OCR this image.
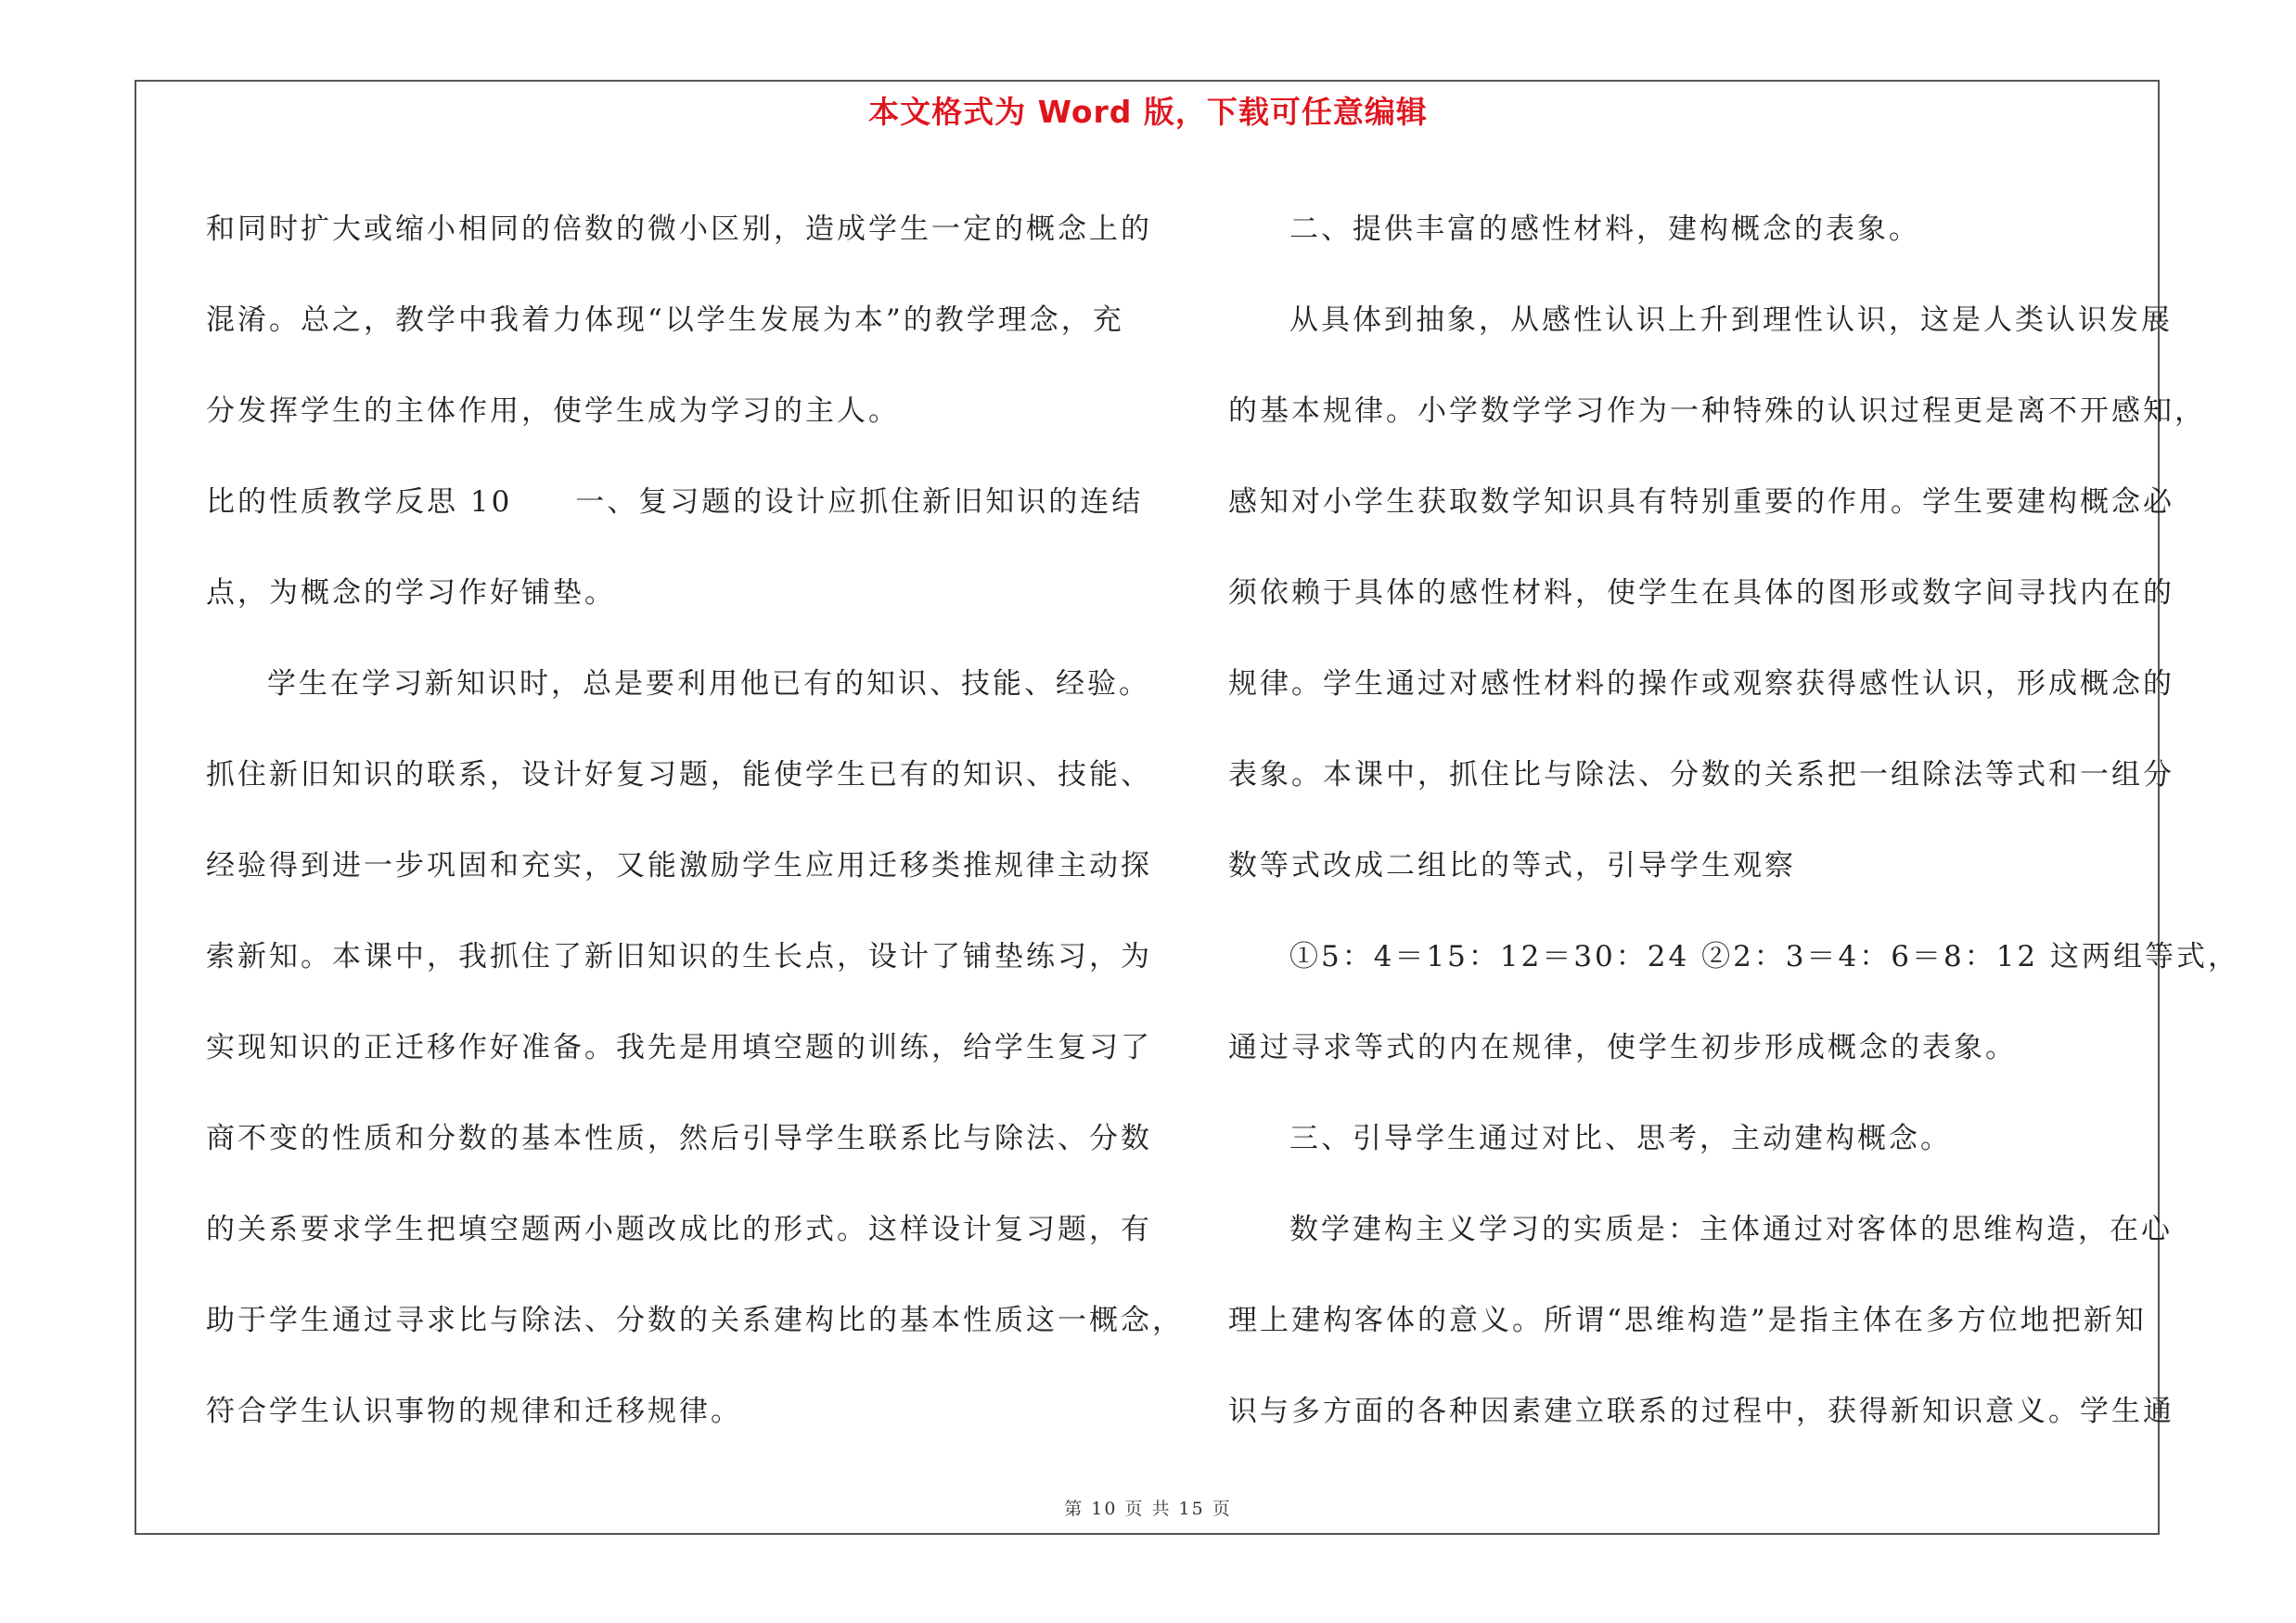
本文格式为 Word 版，下载可任意编辑
和同时扩大或缩小相同的倍数的微小区别，造成学生一定的概念上的
混淆。总之，教学中我着力体现“以学生发展为本”的教学理念，充
分发挥学生的主体作用，使学生成为学习的主人。
比的性质教学反思 10　　一、复习题的设计应抓住新旧知识的连结
点，为概念的学习作好铺垫。
学生在学习新知识时，总是要利用他已有的知识、技能、经验。
抓住新旧知识的联系，设计好复习题，能使学生已有的知识、技能、
经验得到进一步巩固和充实，又能激励学生应用迁移类推规律主动探
索新知。本课中，我抓住了新旧知识的生长点，设计了铺垫练习，为
实现知识的正迁移作好准备。我先是用填空题的训练，给学生复习了
商不变的性质和分数的基本性质，然后引导学生联系比与除法、分数
的关系要求学生把填空题两小题改成比的形式。这样设计复习题，有
助于学生通过寻求比与除法、分数的关系建构比的基本性质这一概念，
符合学生认识事物的规律和迁移规律。
二、提供丰富的感性材料，建构概念的表象。
从具体到抽象，从感性认识上升到理性认识，这是人类认识发展
的基本规律。小学数学学习作为一种特殊的认识过程更是离不开感知，
感知对小学生获取数学知识具有特别重要的作用。学生要建构概念必
须依赖于具体的感性材料，使学生在具体的图形或数字间寻找内在的
规律。学生通过对感性材料的操作或观察获得感性认识，形成概念的
表象。本课中，抓住比与除法、分数的关系把一组除法等式和一组分
数等式改成二组比的等式，引导学生观察
①5：4＝15：12＝30：24 ②2：3＝4：6＝8：12 这两组等式，
通过寻求等式的内在规律，使学生初步形成概念的表象。
三、引导学生通过对比、思考，主动建构概念。
数学建构主义学习的实质是：主体通过对客体的思维构造，在心
理上建构客体的意义。所谓“思维构造”是指主体在多方位地把新知
识与多方面的各种因素建立联系的过程中，获得新知识意义。学生通
第 10 页 共 15 页
